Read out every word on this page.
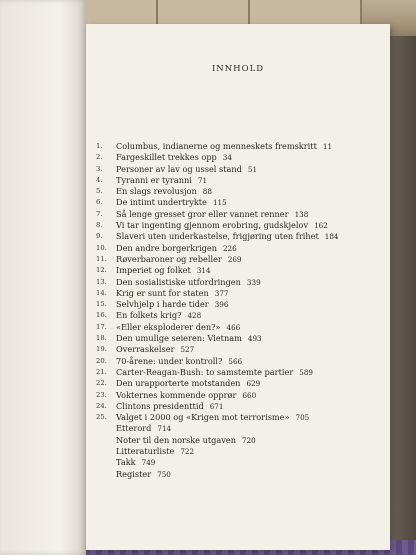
INNHOLD
1.	Columbus, indianerne og menneskets fremskritt 11
2.	Fargeskillet trekkes opp 34
3.	Personer av lav og ussel stand 51
4.	Tyranni er tyranni 71
5.	En slags revolusjon 88
6.	De intimt undertrykte 115
7.	Så lenge gresset gror eller vannet renner 138
8.	Vi tar ingenting gjennom erobring, gudskjelov 162
9.	Slaveri uten underkastelse, frigjøring uten frihet 184
10.	Den andre borgerkrigen 226
11.	Røverbaroner og rebeller 269
12.	Imperiet og folket 314
13.	Den sosialistiske utfordringen 339
14.	Krig er sunt for staten 377
15.	Selvhjelp i harde tider 396
16.	En folkets krig? 428
17.	«Eller eksploderer den?» 466
18.	Den umulige seieren: Vietnam 493
19.	Overraskelser 527
20.	70-årene: under kontroll? 566
21.	Carter-Reagan-Bush: to samstemte partier 589
22.	Den urapporterte motstanden 629
23.	Vokternes kommende opprør 660
24.	Clintons presidenttid 671
25.	Valget i 2000 og «Krigen mot terrorisme» 705
Etterord 714
Noter til den norske utgaven 720
Litteraturliste 722
Takk 749
Register 750
